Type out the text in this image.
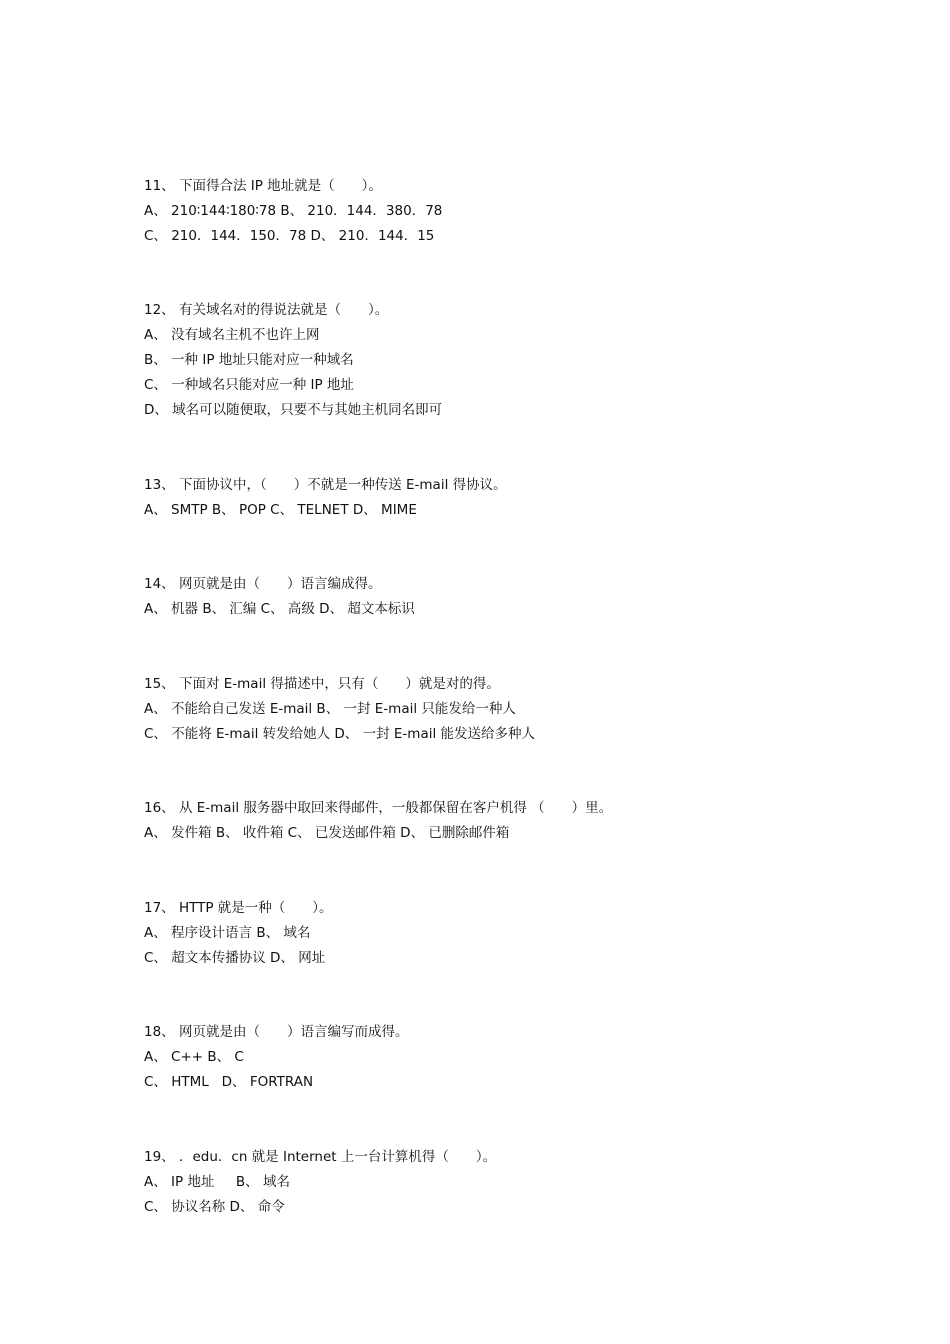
11、 下面得合法 IP 地址就是（　　）。
A、 210∶144∶180∶78 B、 210．144．380．78
C、 210．144．150．78 D、 210．144．15
12、 有关域名对的得说法就是（　　）。
A、 没有域名主机不也许上网
B、 一种 IP 地址只能对应一种域名
C、 一种域名只能对应一种 IP 地址
D、 域名可以随便取，只要不与其她主机同名即可
13、 下面协议中，（　　）不就是一种传送 E-mail 得协议。
A、 SMTP B、 POP C、 TELNET D、 MIME
14、 网页就是由（　　）语言编成得。
A、 机器 B、 汇编 C、 高级 D、 超文本标识
15、 下面对 E-mail 得描述中，只有（　　）就是对的得。
A、 不能给自己发送 E-mail B、 一封 E-mail 只能发给一种人
C、 不能将 E-mail 转发给她人 D、 一封 E-mail 能发送给多种人
16、 从 E-mail 服务器中取回来得邮件，一般都保留在客户机得 （　　）里。
A、 发件箱 B、 收件箱 C、 已发送邮件箱 D、 已删除邮件箱
17、 HTTP 就是一种（　　）。
A、 程序设计语言 B、 域名
C、 超文本传播协议 D、 网址
18、 网页就是由（　　）语言编写而成得。
A、 C++ B、 C
C、 HTML   D、 FORTRAN
19、 ．edu．cn 就是 Internet 上一台计算机得（　　）。
A、 IP 地址     B、 域名
C、 协议名称 D、 命令
